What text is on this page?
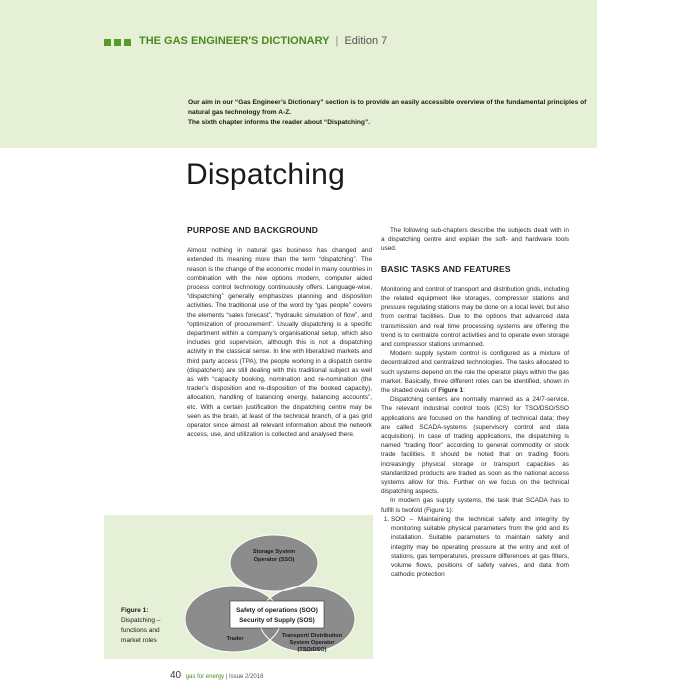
THE GAS ENGINEER'S DICTIONARY | Edition 7

Our aim in our “Gas Engineer’s Dictionary” section is to provide an easily accessible overview of the fundamental principles of natural gas technology from A-Z.

The sixth chapter informs the reader about “Dispatching”.

Dispatching
PURPOSE AND BACKGROUND

Almost nothing in natural gas business has changed and extended its meaning more than the term “dispatching”. The reason is the change of the economic model in many countries in combination with the new options modern, computer aided process control technology continuously offers. Language-wise, “dispatching” generally emphasizes planning and disposition activities. The traditional use of the word by “gas people” covers the elements “sales forecast”, “hydraulic simulation of flow”, and “optimization of procurement”. Usually dispatching is a specific department within a company’s organisational setup, which also includes grid supervision, although this is not a dispatching activity in the classical sense. In line with liberalized markets and third party access (TPA), the people working in a dispatch centre (dispatchers) are still dealing with this traditional subject as well as with “capacity booking, nomination and re-nomination (the trader’s disposition and re-disposition of the booked capacity), allocation, handling of balancing energy, balancing accounts”, etc. With a certain justification the dispatching centre may be seen as the brain, at least of the technical branch, of a gas grid operator since almost all relevant information about the network access, use, and utilization is collected and analysed there.

The following sub-chapters describe the subjects dealt with in a dispatching centre and explain the soft- and hardware tools used.

BASIC TASKS AND FEATURES

Monitoring and control of transport and distribution grids, including the related equipment like storages, compressor stations and pressure regulating stations may be done on a local level, but also from central facilities. Due to the options that advanced data transmission and real time processing systems are offering the trend is to centralize control activities and to operate even storage and compressor stations unmanned.

Modern supply system control is configured as a mixture of decentralized and centralized technologies. The tasks allocated to such systems depend on the role the operator plays within the gas market. Basically, three different roles can be identified, shown in the shaded ovals of Figure 1:

Dispatching centers are normally manned as a 24/7-service. The relevant industrial control tools (ICS) for TSO/DSO/SSO applications are focused on the handling of technical data; they are called SCADA-systems (supervisory control and data acquisition). In case of trading applications, the dispatching is named “trading floor” according to general commodity or stock trade facilities. It should be noted that on trading floors increasingly physical storage or transport capacities as standardized products are traded as soon as the national access systems allow for this. Further on we focus on the technical dispatching aspects.

In modern gas supply systems, the task that SCADA has to fulfill is twofold (Figure 1):

1. SOO – Maintaining the technical safety and integrity by monitoring suitable physical parameters from the grid and its installation. Suitable parameters to maintain safety and integrity may be operating pressure at the entry and exit of stations, gas temperatures, pressure differences at gas filters, volume flows, positions of safety valves, and data from cathodic protection
Storage System
Operator (SSO)
Safety of operations (SOO)
Security of Supply (SOS)
Trader	Transport/ Distribution
System Operator
(TSO/DSO)
Figure 1: Dispatching – functions and market roles
40 gas for energy | Issue 2/2018
